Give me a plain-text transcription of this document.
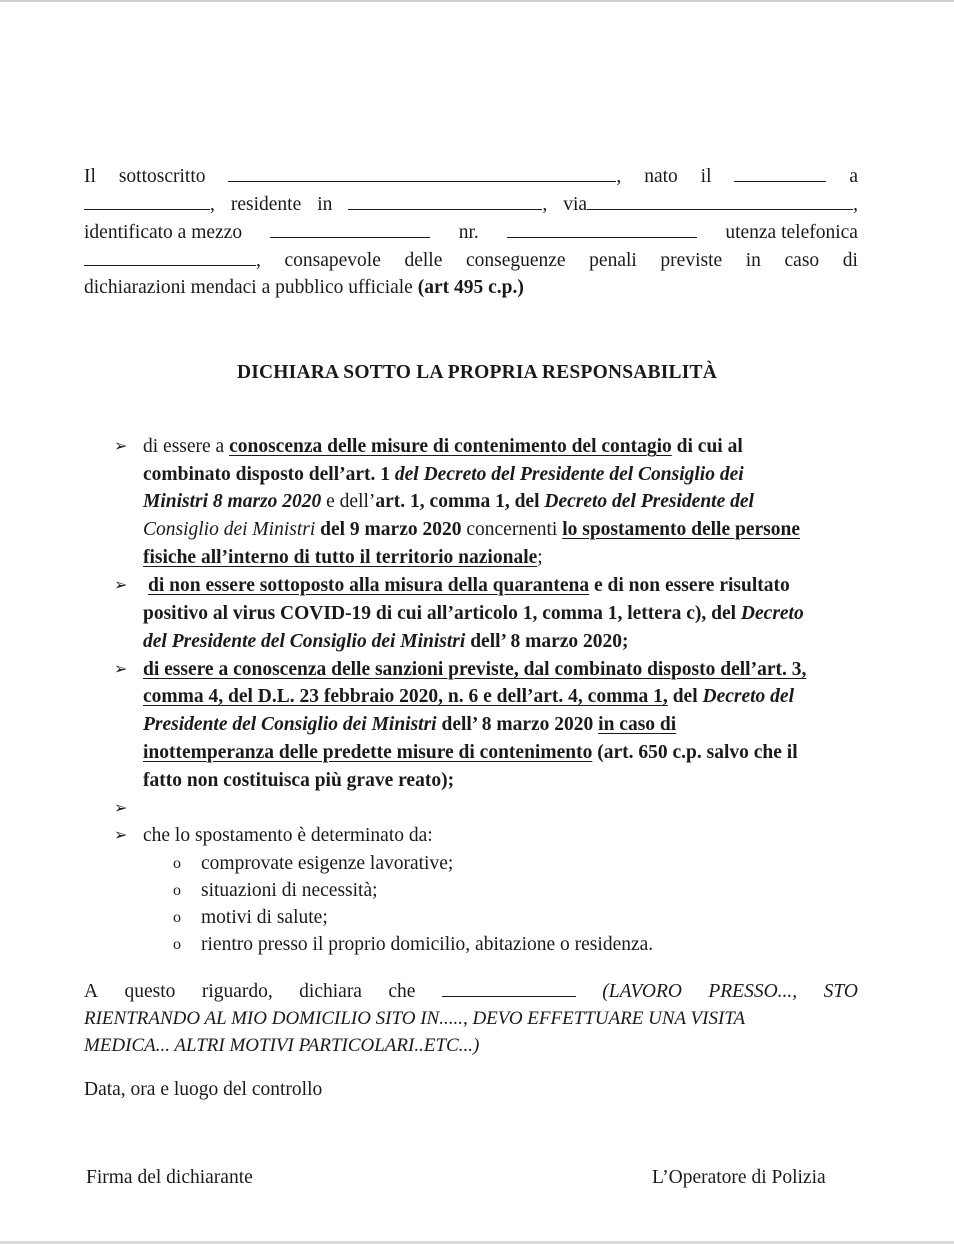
Il sottoscritto	, nato il	a
, residente in	, via	,
identificato a mezzo	nr.	utenza telefonica
, consapevole delle conseguenze penali previste in caso di
dichiarazioni mendaci a pubblico ufficiale (art 495 c.p.)
DICHIARA SOTTO LA PROPRIA RESPONSABILITÀ
➢ di essere a conoscenza delle misure di contenimento del contagio di cui al
combinato disposto dell’art. 1 del Decreto del Presidente del Consiglio dei
Ministri 8 marzo 2020 e dell’art. 1, comma 1, del Decreto del Presidente del
Consiglio dei Ministri del 9 marzo 2020 concernenti lo spostamento delle persone
fisiche all’interno di tutto il territorio nazionale;
➢	di non essere sottoposto alla misura della quarantena e di non essere risultato
positivo al virus COVID-19 di cui all’articolo 1, comma 1, lettera c), del Decreto
del Presidente del Consiglio dei Ministri dell’ 8 marzo 2020;
➢ di essere a conoscenza delle sanzioni previste, dal combinato disposto dell’art. 3,
comma 4, del D.L. 23 febbraio 2020, n. 6 e dell’art. 4, comma 1, del Decreto del
Presidente del Consiglio dei Ministri dell’ 8 marzo 2020 in caso di
inottemperanza delle predette misure di contenimento (art. 650 c.p. salvo che il
fatto non costituisca più grave reato);
➢
➢ che lo spostamento è determinato da:
o	comprovate esigenze lavorative;
o	situazioni di necessità;
o	motivi di salute;
o	rientro presso il proprio domicilio, abitazione o residenza.
A questo riguardo, dichiara che	(LAVORO PRESSO..., STO
RIENTRANDO AL MIO DOMICILIO SITO IN....., DEVO EFFETTUARE UNA VISITA
MEDICA... ALTRI MOTIVI PARTICOLARI..ETC...)
Data, ora e luogo del controllo
Firma del dichiarante	L’Operatore di Polizia
